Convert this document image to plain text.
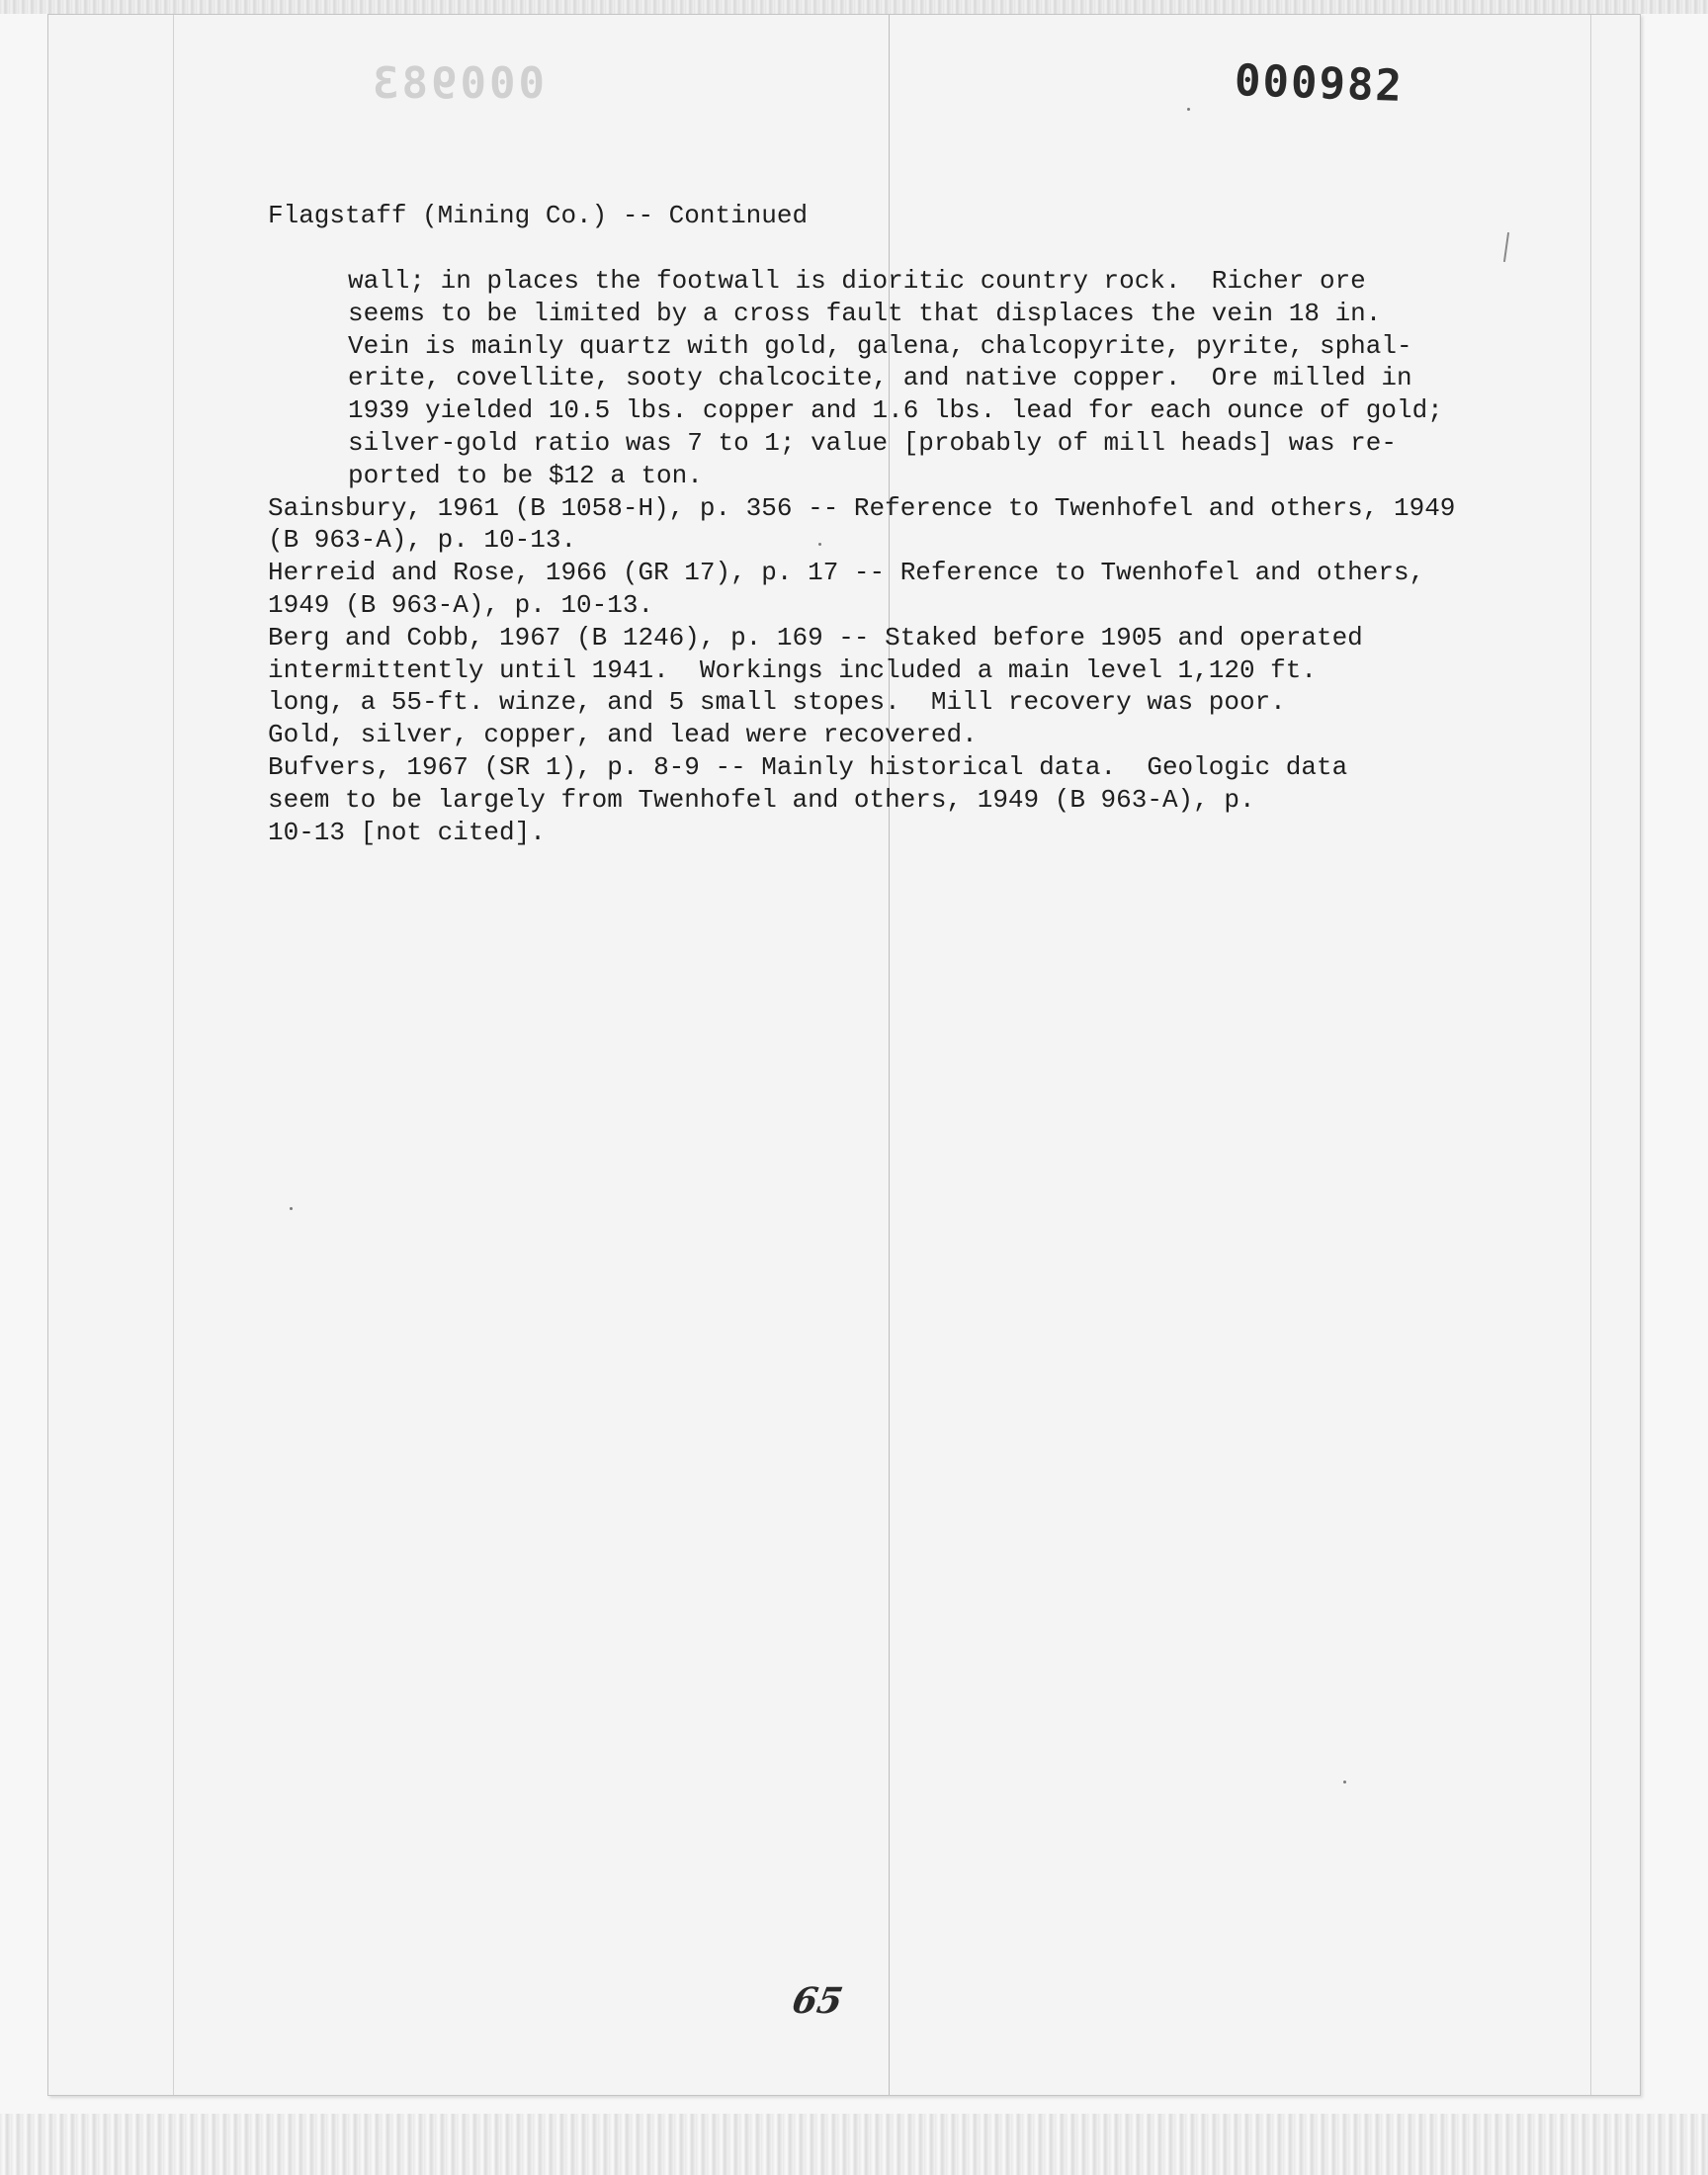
000983	000982
Flagstaff (Mining Co.) -- Continued
wall; in places the footwall is dioritic country rock.  Richer ore
seems to be limited by a cross fault that displaces the vein 18 in.
Vein is mainly quartz with gold, galena, chalcopyrite, pyrite, sphal-
erite, covellite, sooty chalcocite, and native copper.  Ore milled in
1939 yielded 10.5 lbs. copper and 1.6 lbs. lead for each ounce of gold;
silver-gold ratio was 7 to 1; value [probably of mill heads] was re-
ported to be $12 a ton.
Sainsbury, 1961 (B 1058-H), p. 356 -- Reference to Twenhofel and others, 1949
(B 963-A), p. 10-13.
Herreid and Rose, 1966 (GR 17), p. 17 -- Reference to Twenhofel and others,
1949 (B 963-A), p. 10-13.
Berg and Cobb, 1967 (B 1246), p. 169 -- Staked before 1905 and operated
intermittently until 1941.  Workings included a main level 1,120 ft.
long, a 55-ft. winze, and 5 small stopes.  Mill recovery was poor.
Gold, silver, copper, and lead were recovered.
Bufvers, 1967 (SR 1), p. 8-9 -- Mainly historical data.  Geologic data
seem to be largely from Twenhofel and others, 1949 (B 963-A), p.
10-13 [not cited].
65
